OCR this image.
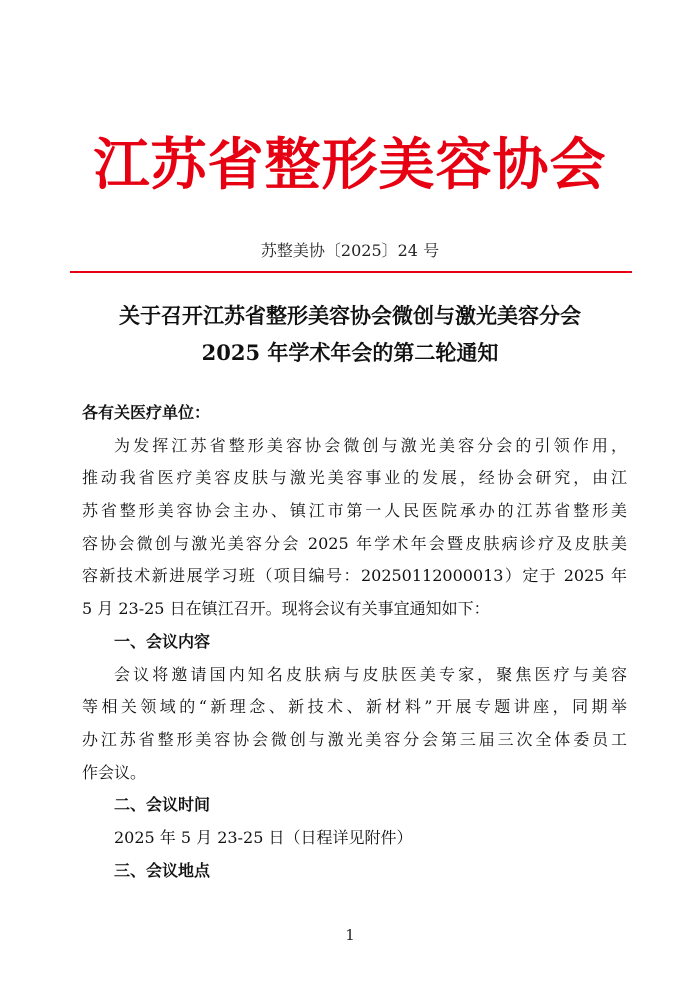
江苏省整形美容协会
苏整美协〔2025〕24 号
关于召开江苏省整形美容协会微创与激光美容分会
2025 年学术年会的第二轮通知
各有关医疗单位：
为发挥江苏省整形美容协会微创与激光美容分会的引领作用，
推动我省医疗美容皮肤与激光美容事业的发展，经协会研究，由江
苏省整形美容协会主办、镇江市第一人民医院承办的江苏省整形美
容协会微创与激光美容分会 2025 年学术年会暨皮肤病诊疗及皮肤美
容新技术新进展学习班（项目编号：20250112000013）定于 2025 年
5 月 23-25 日在镇江召开。现将会议有关事宜通知如下：
一、会议内容
会议将邀请国内知名皮肤病与皮肤医美专家，聚焦医疗与美容
等相关领域的“新理念、新技术、新材料”开展专题讲座，同期举
办江苏省整形美容协会微创与激光美容分会第三届三次全体委员工
作会议。
二、会议时间
2025 年 5 月 23-25 日（日程详见附件）
三、会议地点
1
